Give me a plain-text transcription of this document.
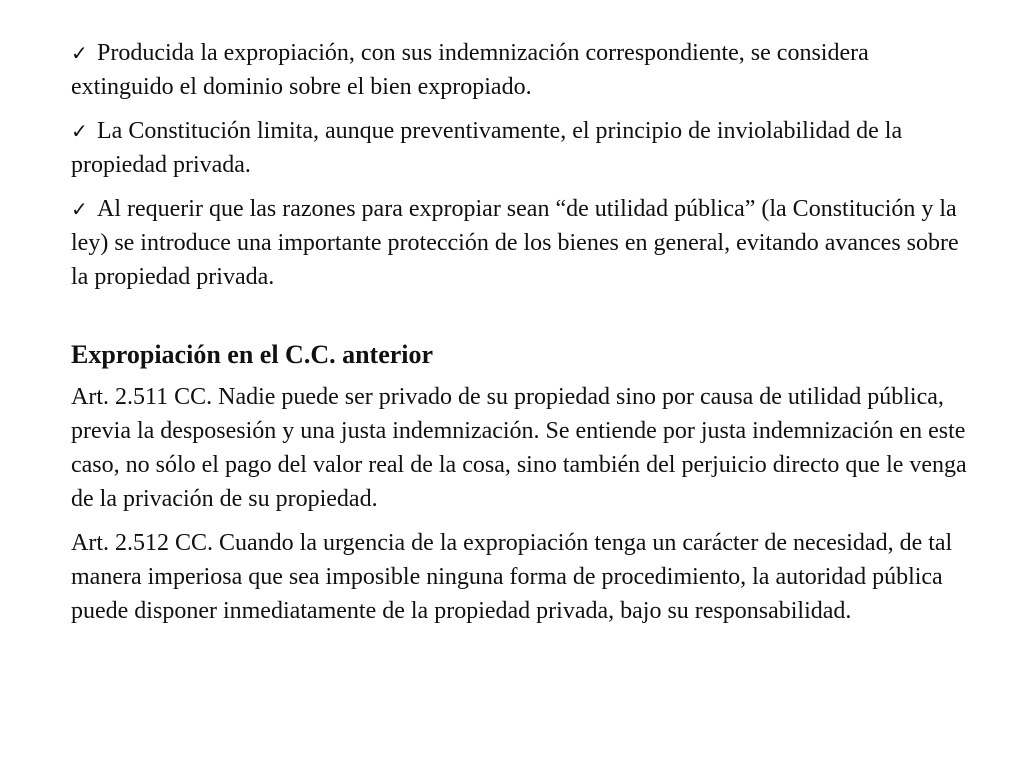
✓ Producida la expropiación, con sus indemnización correspondiente, se considera extinguido el dominio sobre el bien expropiado.

✓ La Constitución limita, aunque preventivamente, el principio de inviolabilidad de la propiedad privada.

✓ Al requerir que las razones para expropiar sean “de utilidad pública” (la Constitución y la ley) se introduce una importante protección de los bienes en general, evitando avances sobre la propiedad privada.

Expropiación en el C.C. anterior

Art. 2.511 CC. Nadie puede ser privado de su propiedad sino por causa de utilidad pública, previa la desposesión y una justa indemnización. Se entiende por justa indemnización en este caso, no sólo el pago del valor real de la cosa, sino también del perjuicio directo que le venga de la privación de su propiedad.

Art. 2.512 CC. Cuando la urgencia de la expropiación tenga un carácter de necesidad, de tal manera imperiosa que sea imposible ninguna forma de procedimiento, la autoridad pública puede disponer inmediatamente de la propiedad privada, bajo su responsabilidad.
